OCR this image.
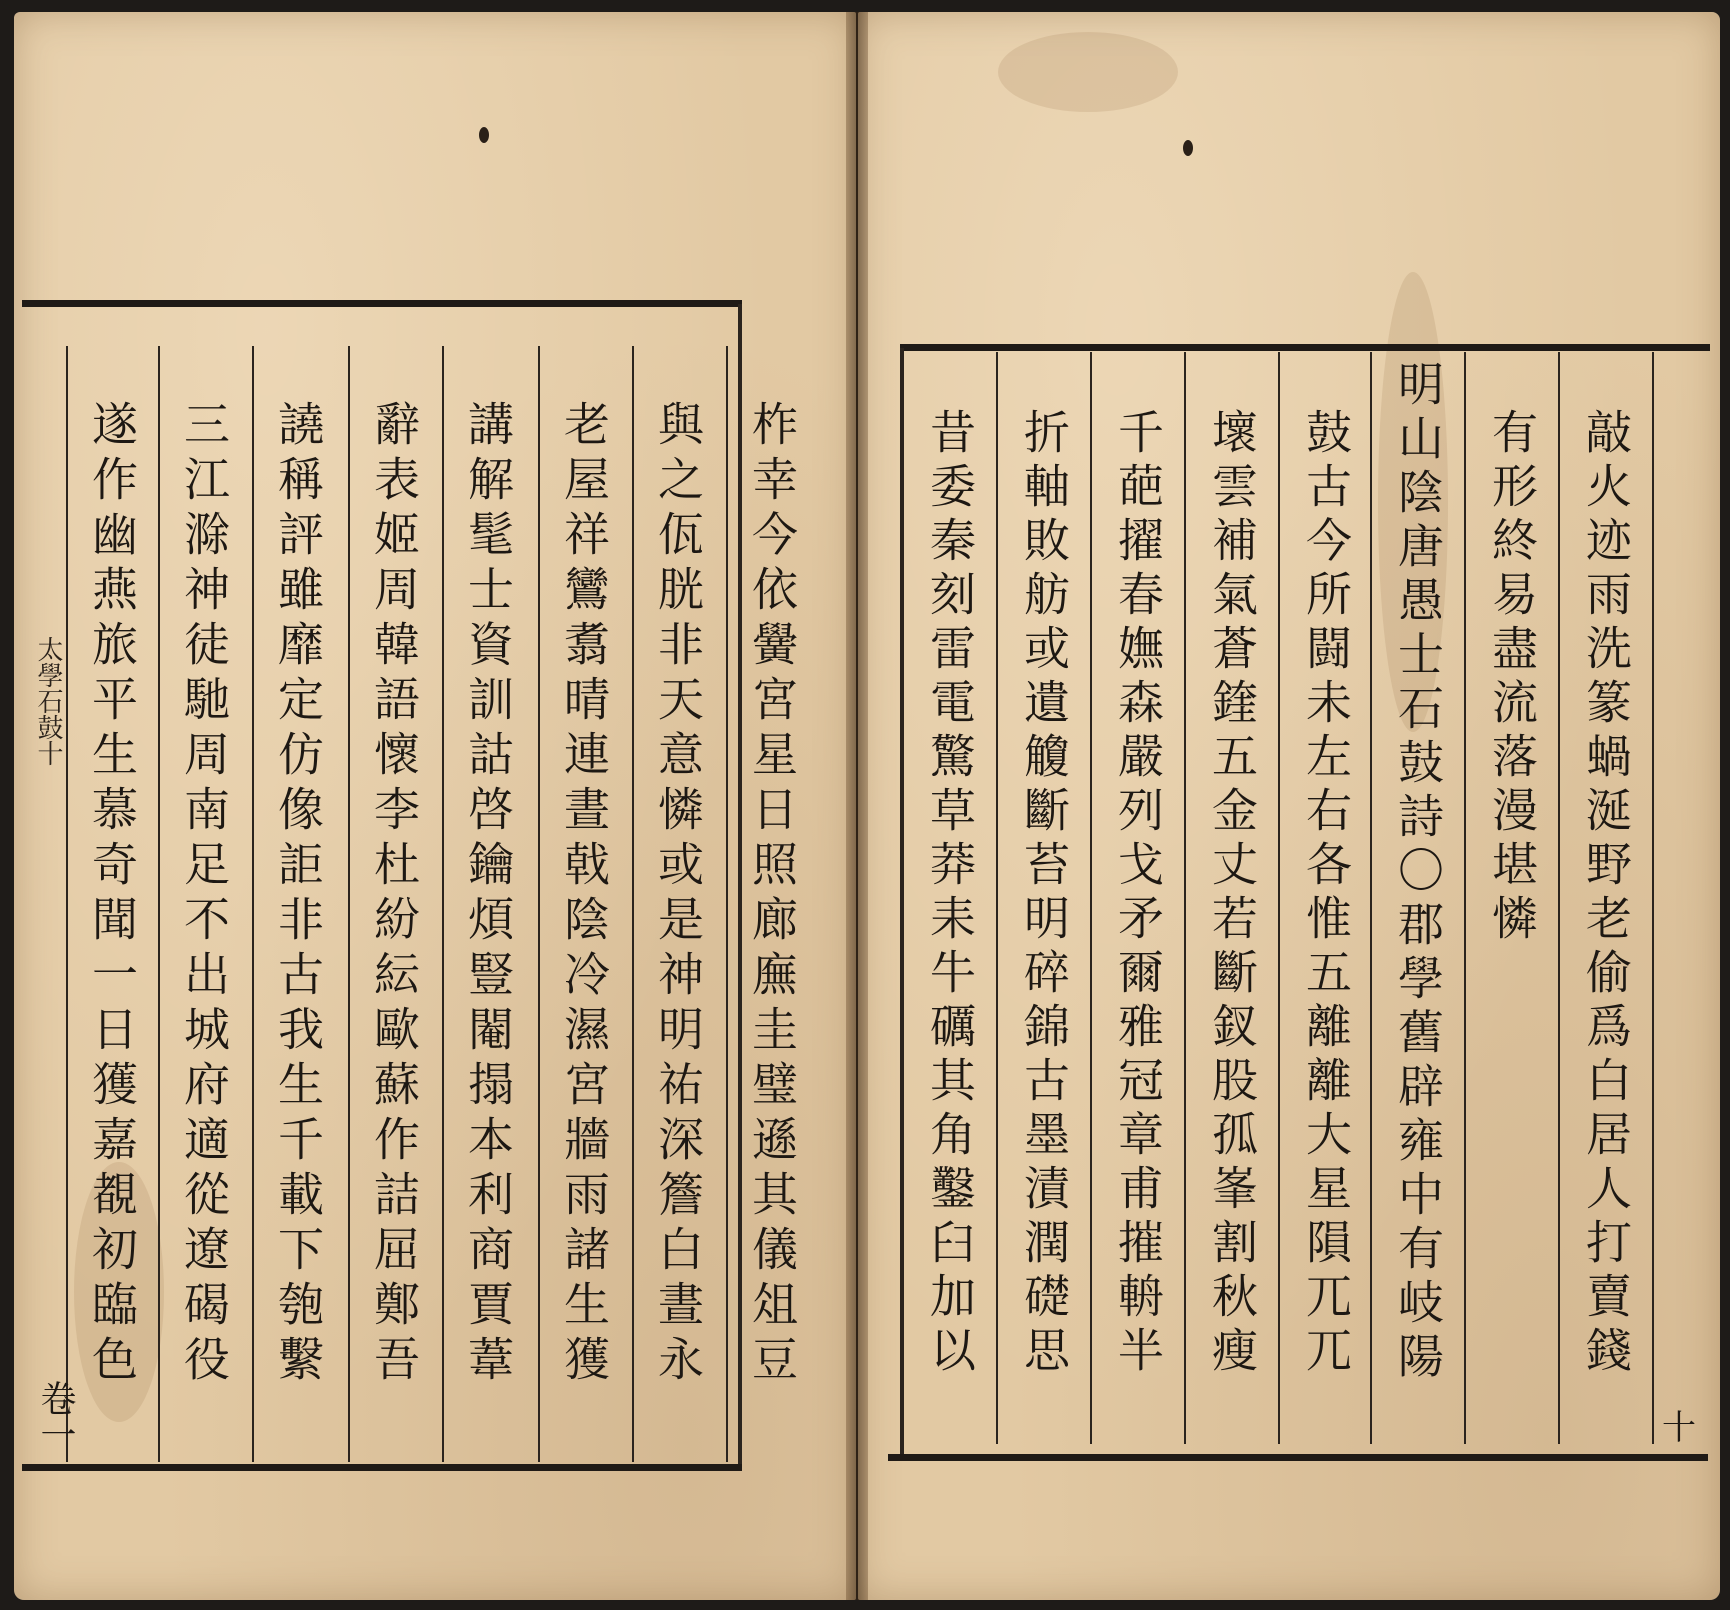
遂作幽燕旅平生慕奇聞一日獲嘉覩初臨色 三江滁神徒馳周南足不出城府適從遼碣役 譊稱評雖靡定仿像詎非古我生千載下匏繫 辭表姬周韓語懷李杜紛紜歐蘇作詰屈鄭吾 講解髦士資訓詁啓鑰煩豎閹搨本利商賈葦 老屋祥鸞翥晴連晝戟陰冷濕宮牆雨諸生獲 與之佤胱非天意憐或是神明祐深簷白晝永 柞幸今依黌宮星日照廊廡圭璧遜其儀俎豆
太學石鼓十
卷一
敲火迹雨洗篆蝸涎野老偷爲白居人打賣錢
有形終易盡流落漫堪憐
明山陰唐愚士石鼓詩〇郡學舊辟雍中有岐陽
鼓古今所闘未左右各惟五離離大星隕兀兀
壞雲補氣蒼鍷五金丈若斷釵股孤峯割秋瘦
千葩擢春嫵森嚴列戈矛爾雅冠章甫摧輈半
折軸敗舫或遺觼斷苔明碎錦古墨漬潤礎思
昔委秦刻雷電驚草莽耒牛礪其角鑿臼加以
十
